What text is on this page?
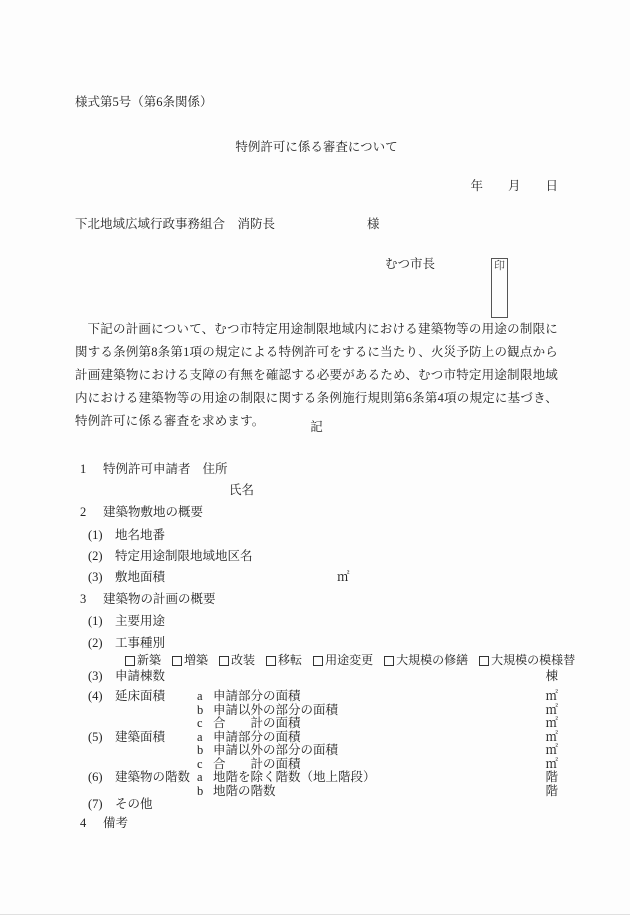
様式第5号（第6条関係）
特例許可に係る審査について
年　　月　　日
下北地域広域行政事務組合　消防長	様
むつ市長	印
下記の計画について、むつ市特定用途制限地域内における建築物等の用途の制限に関する条例第8条第1項の規定による特例許可をするに当たり、火災予防上の観点から計画建築物における支障の有無を確認する必要があるため、むつ市特定用途制限地域内における建築物等の用途の制限に関する条例施行規則第6条第4項の規定に基づき、特例許可に係る審査を求めます。	記
1	特例許可申請者 住所
氏名
2	建築物敷地の概要
(1) 地名地番
(2) 特定用途制限地域地区名
(3) 敷地面積	㎡
3	建築物の計画の概要
(1) 主要用途
(2) 工事種別
新築 増築 改装 移転 用途変更 大規模の修繕 大規模の模様替
(3) 申請棟数	棟
(4) 延床面積	a 申請部分の面積	㎡
b 申請以外の部分の面積	㎡
c 合　　計の面積	㎡
(5) 建築面積	a 申請部分の面積	㎡
b 申請以外の部分の面積	㎡
c 合　　計の面積	㎡
(6) 建築物の階数 a 地階を除く階数（地上階段）	階
b 地階の階数	階
(7) その他
4	備考
